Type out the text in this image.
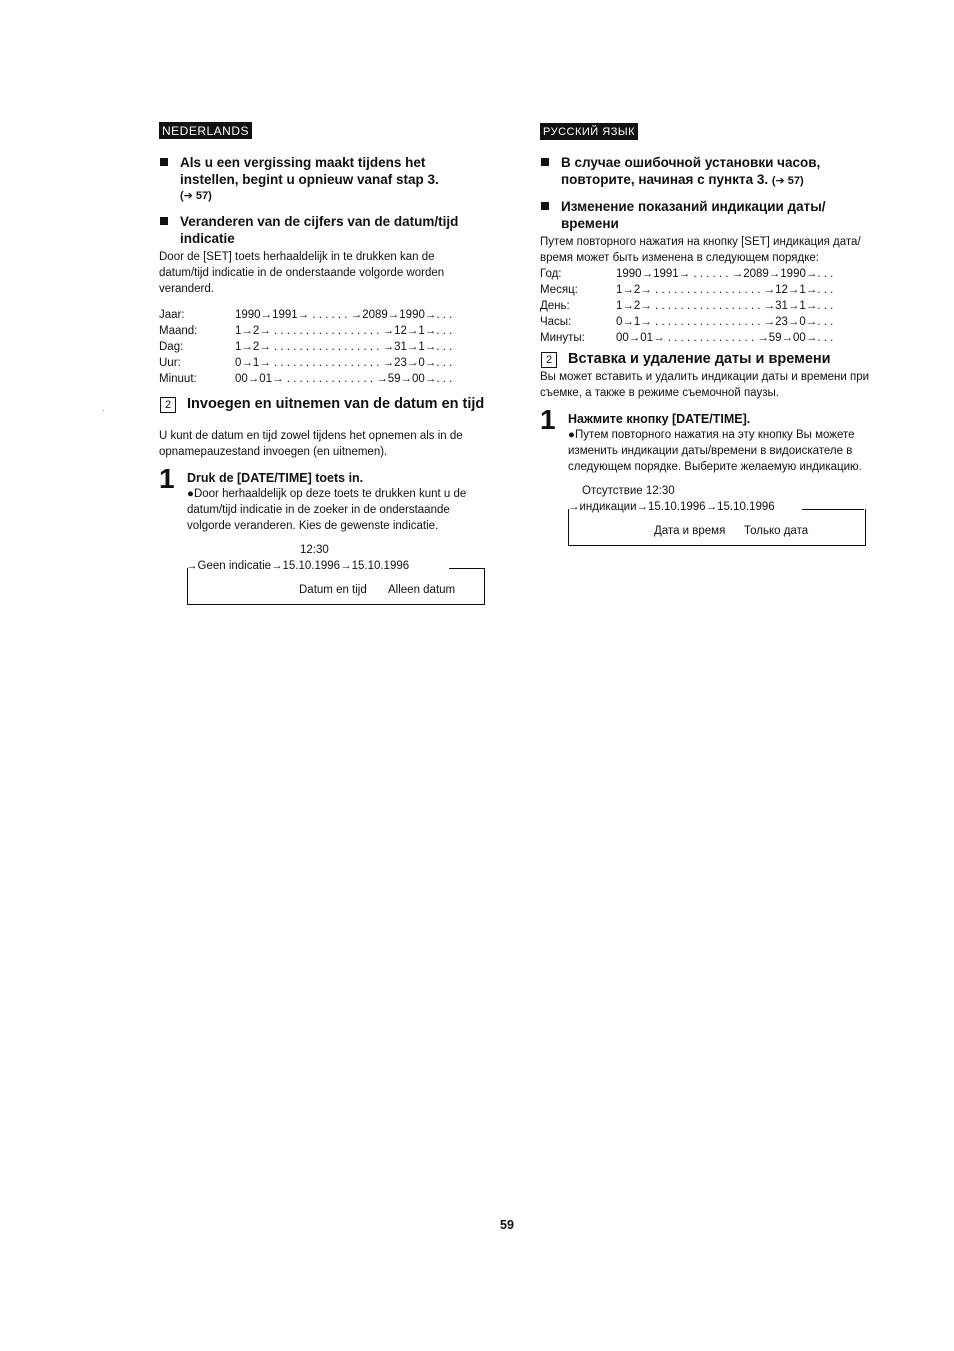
NEDERLANDS
Als u een vergissing maakt tijdens het instellen, begint u opnieuw vanaf stap 3.
(➔ 57)
Veranderen van de cijfers van de datum/tijd indicatie
Door de [SET] toets herhaaldelijk in te drukken kan de datum/tijd indicatie in de onderstaande volgorde worden veranderd.
Jaar:	1990→1991→ . . . . . . →2089→1990→. . .
Maand:	1→2→ . . . . . . . . . . . . . . . . . →12→1→. . .
Dag:	1→2→ . . . . . . . . . . . . . . . . . →31→1→. . .
Uur:	0→1→ . . . . . . . . . . . . . . . . . →23→0→. . .
Minuut:	00→01→ . . . . . . . . . . . . . . →59→00→. . .
2	Invoegen en uitnemen van de datum en tijd
U kunt de datum en tijd zowel tijdens het opnemen als in de opnamepauzestand invoegen (en uitnemen).
1 Druk de [DATE/TIME] toets in.
●Door herhaaldelijk op deze toets te drukken kunt u de datum/tijd indicatie in de zoeker in de onderstaande volgorde veranderen. Kies de gewenste indicatie.
12:30
→Geen indicatie→15.10.1996→15.10.1996
Datum en tijd Alleen datum
РУССКИЙ ЯЗЫК
В случае ошибочной установки часов, повторите, начиная с пункта 3. (➔ 57)
Изменение показаний индикации даты/ времени
Путем повторного нажатия на кнопку [SET] индикация дата/время может быть изменена в следующем порядке:
Год:	1990→1991→ . . . . . . →2089→1990→. . .
Месяц:	1→2→ . . . . . . . . . . . . . . . . . →12→1→. . .
День:	1→2→ . . . . . . . . . . . . . . . . . →31→1→. . .
Часы:	0→1→ . . . . . . . . . . . . . . . . . →23→0→. . .
Минуты:	00→01→ . . . . . . . . . . . . . . →59→00→. . .
2	Вставка и удаление даты и времени
Вы может вставить и удалить индикации даты и времени при съемке, а также в режиме съемочной паузы.
1 Нажмите кнопку [DATE/TIME].
●Путем повторного нажатия на эту кнопку Вы можете изменить индикации даты/времени в видоискателе в следующем порядке. Выберите желаемую индикацию.
Отсутствие 12:30
→индикации→15.10.1996→15.10.1996
Дата и время Только дата
59
